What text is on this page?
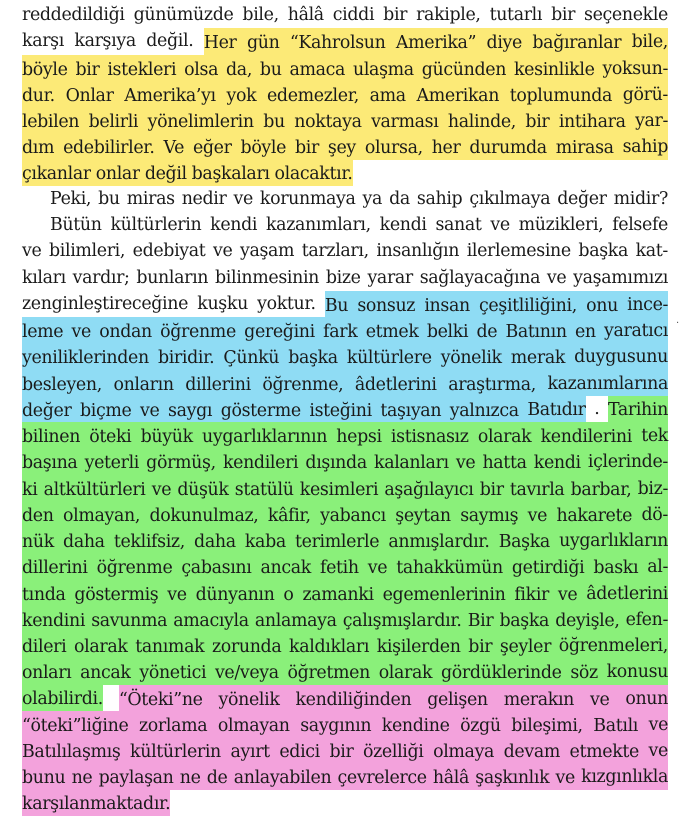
reddedildiği günümüzde bile, hâlâ ciddi bir rakiple, tutarlı bir seçenekle
karşı karşıya değil. Her gün “Kahrolsun Amerika” diye bağıranlar bile,
böyle bir istekleri olsa da, bu amaca ulaşma gücünden kesinlikle yoksun-
dur. Onlar Amerika’yı yok edemezler, ama Amerikan toplumunda görü-
lebilen belirli yönelimlerin bu noktaya varması halinde, bir intihara yar-
dım edebilirler. Ve eğer böyle bir şey olursa, her durumda mirasa sahip
çıkanlar
onlar
değil
başkaları
olacaktır.
Peki, bu miras nedir ve korunmaya ya da sahip çıkılmaya değer midir?
Bütün kültürlerin kendi kazanımları, kendi sanat ve müzikleri, felsefe
ve bilimleri, edebiyat ve yaşam tarzları, insanlığın ilerlemesine başka kat-
kıları vardır; bunların bilinmesinin bize yarar sağlayacağına ve yaşamımızı
zenginleştireceğine kuşku yoktur. Bu sonsuz insan çeşitliliğini, onu ince-
leme ve ondan öğrenme gereğini fark etmek belki de Batının en yaratıcı
yeniliklerinden biridir. Çünkü başka kültürlere yönelik merak duygusunu
besleyen, onların dillerini öğrenme, âdetlerini araştırma, kazanımlarına
değer biçme ve saygı gösterme isteğini taşıyan yalnızca Batıdır . Tarihin
bilinen öteki büyük uygarlıklarının hepsi istisnasız olarak kendilerini tek
başına yeterli görmüş, kendileri dışında kalanları ve hatta kendi içlerinde-
ki altkültürleri ve düşük statülü kesimleri aşağılayıcı bir tavırla barbar, biz-
den olmayan, dokunulmaz, kâfir, yabancı şeytan saymış ve hakarete dö-
nük daha teklifsiz, daha kaba terimlerle anmışlardır. Başka uygarlıkların
dillerini öğrenme çabasını ancak fetih ve tahakkümün getirdiği baskı al-
tında göstermiş ve dünyanın o zamanki egemenlerinin fikir ve âdetlerini
kendini savunma amacıyla anlamaya çalışmışlardır. Bir başka deyişle, efen-
dileri olarak tanımak zorunda kaldıkları kişilerden bir şeyler öğrenmeleri,
onları ancak yönetici ve/veya öğretmen olarak gördüklerinde söz konusu
olabilirdi. “Öteki”ne yönelik kendiliğinden gelişen merakın ve onun
“öteki”liğine zorlama olmayan saygının kendine özgü bileşimi, Batılı ve
Batılılaşmış kültürlerin ayırt edici bir özelliği olmaya devam etmekte ve
bunu ne paylaşan ne de anlayabilen çevrelerce hâlâ şaşkınlık ve kızgınlıkla
karşılanmaktadır.
·
